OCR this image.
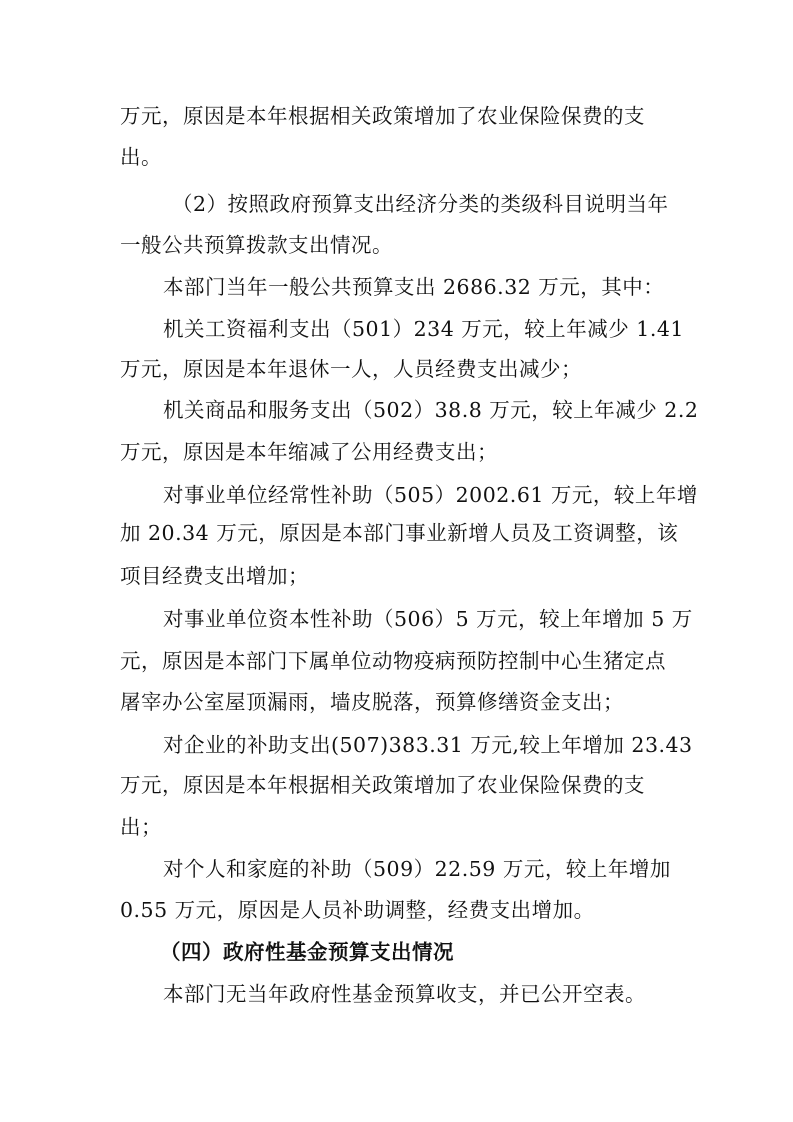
万元，原因是本年根据相关政策增加了农业保险保费的支
出。
（2）按照政府预算支出经济分类的类级科目说明当年
一般公共预算拨款支出情况。
本部门当年一般公共预算支出 2686.32 万元，其中：
机关工资福利支出（501）234 万元，较上年减少 1.41
万元，原因是本年退休一人，人员经费支出减少；
机关商品和服务支出（502）38.8 万元，较上年减少 2.2
万元，原因是本年缩减了公用经费支出；
对事业单位经常性补助（505）2002.61 万元，较上年增
加 20.34 万元，原因是本部门事业新增人员及工资调整，该
项目经费支出增加；
对事业单位资本性补助（506）5 万元，较上年增加 5 万
元，原因是本部门下属单位动物疫病预防控制中心生猪定点
屠宰办公室屋顶漏雨，墙皮脱落，预算修缮资金支出；
对企业的补助支出(507)383.31 万元,较上年增加 23.43
万元，原因是本年根据相关政策增加了农业保险保费的支
出；
对个人和家庭的补助（509）22.59 万元，较上年增加
0.55 万元，原因是人员补助调整，经费支出增加。
（四）政府性基金预算支出情况
本部门无当年政府性基金预算收支，并已公开空表。
